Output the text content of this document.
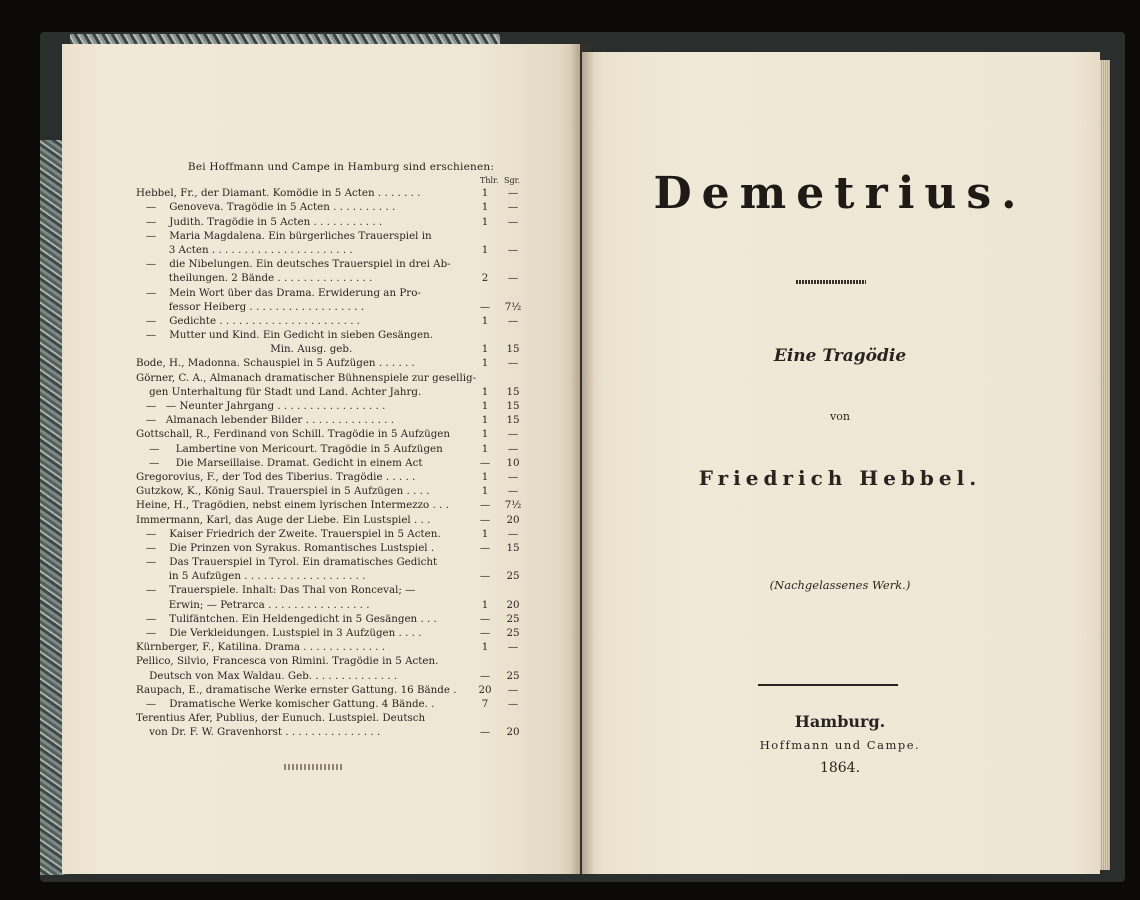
Bei Hoffmann und Campe in Hamburg sind erschienen:
Thlr. Sgr.
Hebbel, Fr., der Diamant. Komödie in 5 Acten . . . . . . .	1	—
—    Genoveva. Tragödie in 5 Acten . . . . . . . . . .	1	—
—    Judith. Tragödie in 5 Acten . . . . . . . . . . .	1	—
—    Maria Magdalena. Ein bürgerliches Trauerspiel in
3 Acten . . . . . . . . . . . . . . . . . . . . . .	1	—
—    die Nibelungen. Ein deutsches Trauerspiel in drei Ab-
theilungen. 2 Bände . . . . . . . . . . . . . . .	2	—
—    Mein Wort über das Drama. Erwiderung an Pro-
fessor Heiberg . . . . . . . . . . . . . . . . . .	— 7½
—    Gedichte . . . . . . . . . . . . . . . . . . . . . .	1	—
—    Mutter und Kind. Ein Gedicht in sieben Gesängen.
Min. Ausg. geb.	1	15
Bode, H., Madonna. Schauspiel in 5 Aufzügen . . . . . .	1	—
Görner, C. A., Almanach dramatischer Bühnenspiele zur gesellig-
gen Unterhaltung für Stadt und Land. Achter Jahrg.	1	15
—   — Neunter Jahrgang . . . . . . . . . . . . . . . . .	1	15
—   Almanach lebender Bilder . . . . . . . . . . . . . .	1	15
Gottschall, R., Ferdinand von Schill. Tragödie in 5 Aufzügen	1	—
—     Lambertine von Mericourt. Tragödie in 5 Aufzügen	1	—
—     Die Marseillaise. Dramat. Gedicht in einem Act	—	10
Gregorovius, F., der Tod des Tiberius. Tragödie . . . . .	1	—
Gutzkow, K., König Saul. Trauerspiel in 5 Aufzügen . . . .	1	—
Heine, H., Tragödien, nebst einem lyrischen Intermezzo . . .	— 7½
Immermann, Karl, das Auge der Liebe. Ein Lustspiel . . .	—	20
—    Kaiser Friedrich der Zweite. Trauerspiel in 5 Acten.	1	—
—    Die Prinzen von Syrakus. Romantisches Lustspiel .	—	15
—    Das Trauerspiel in Tyrol. Ein dramatisches Gedicht
in 5 Aufzügen . . . . . . . . . . . . . . . . . . .	—	25
—    Trauerspiele. Inhalt: Das Thal von Ronceval; —
Erwin; — Petrarca . . . . . . . . . . . . . . . .	1	20
—    Tulifäntchen. Ein Heldengedicht in 5 Gesängen . . .	—	25
—    Die Verkleidungen. Lustspiel in 3 Aufzügen . . . .	—	25
Kürnberger, F., Katilina. Drama . . . . . . . . . . . . .	1	—
Pellico, Silvio, Francesca von Rimini. Tragödie in 5 Acten.
Deutsch von Max Waldau. Geb. . . . . . . . . . . . . .	—	25
Raupach, E., dramatische Werke ernster Gattung. 16 Bände .	20	—
—    Dramatische Werke komischer Gattung. 4 Bände. .	7	—
Terentius Afer, Publius, der Eunuch. Lustspiel. Deutsch
von Dr. F. W. Gravenhorst . . . . . . . . . . . . . . .	—	20
Demetrius.
Eine Tragödie
von
Friedrich Hebbel.
(Nachgelassenes Werk.)
Hamburg.
Hoffmann und Campe.
1864.
